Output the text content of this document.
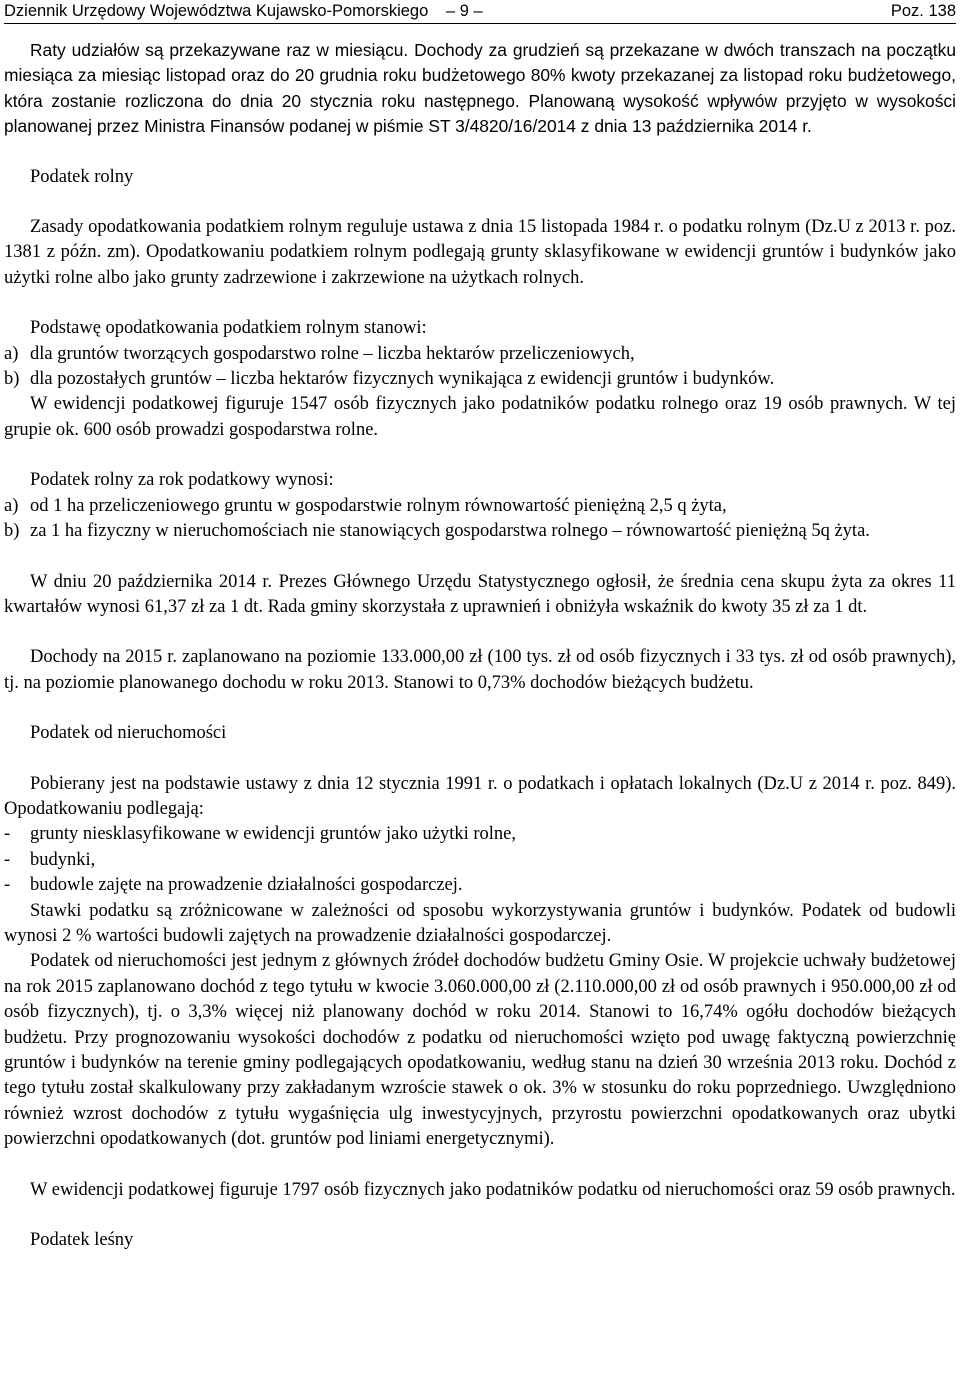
Dziennik Urzędowy Województwa Kujawsko-Pomorskiego – 9 –	Poz. 138

Raty udziałów są przekazywane raz w miesiącu. Dochody za grudzień są przekazane w dwóch transzach na początku miesiąca za miesiąc listopad oraz do 20 grudnia roku budżetowego 80% kwoty przekazanej za listopad roku budżetowego, która zostanie rozliczona do dnia 20 stycznia roku następnego. Planowaną wysokość wpływów przyjęto w wysokości planowanej przez Ministra Finansów podanej w piśmie ST 3/4820/16/2014 z dnia 13 października 2014 r.

Podatek rolny

Zasady opodatkowania podatkiem rolnym reguluje ustawa z dnia 15 listopada 1984 r. o podatku rolnym (Dz.U z 2013 r. poz. 1381 z późn. zm). Opodatkowaniu podatkiem rolnym podlegają grunty sklasyfikowane w ewidencji gruntów i budynków jako użytki rolne albo jako grunty zadrzewione i zakrzewione na użytkach rolnych.

Podstawę opodatkowania podatkiem rolnym stanowi:

a) dla gruntów tworzących gospodarstwo rolne – liczba hektarów przeliczeniowych,
b) dla pozostałych gruntów – liczba hektarów fizycznych wynikająca z ewidencji gruntów i budynków.

W ewidencji podatkowej figuruje 1547 osób fizycznych jako podatników podatku rolnego oraz 19 osób prawnych. W tej grupie ok. 600 osób prowadzi gospodarstwa rolne.

Podatek rolny za rok podatkowy wynosi:

a) od 1 ha przeliczeniowego gruntu w gospodarstwie rolnym równowartość pieniężną 2,5 q żyta,
b) za 1 ha fizyczny w nieruchomościach nie stanowiących gospodarstwa rolnego – równowartość pieniężną 5q żyta.

W dniu 20 października 2014 r. Prezes Głównego Urzędu Statystycznego ogłosił, że średnia cena skupu żyta za okres 11 kwartałów wynosi 61,37 zł za 1 dt. Rada gminy skorzystała z uprawnień i obniżyła wskaźnik do kwoty 35 zł za 1 dt.

Dochody na 2015 r. zaplanowano na poziomie 133.000,00 zł (100 tys. zł od osób fizycznych i 33 tys. zł od osób prawnych), tj. na poziomie planowanego dochodu w roku 2013. Stanowi to 0,73% dochodów bieżących budżetu.

Podatek od nieruchomości

Pobierany jest na podstawie ustawy z dnia 12 stycznia 1991 r. o podatkach i opłatach lokalnych (Dz.U z 2014 r. poz. 849). Opodatkowaniu podlegają:

-	grunty niesklasyfikowane w ewidencji gruntów jako użytki rolne,
-	budynki,
-	budowle zajęte na prowadzenie działalności gospodarczej.

Stawki podatku są zróżnicowane w zależności od sposobu wykorzystywania gruntów i budynków. Podatek od budowli wynosi 2 % wartości budowli zajętych na prowadzenie działalności gospodarczej.

Podatek od nieruchomości jest jednym z głównych źródeł dochodów budżetu Gminy Osie. W projekcie uchwały budżetowej na rok 2015 zaplanowano dochód z tego tytułu w kwocie 3.060.000,00 zł (2.110.000,00 zł od osób prawnych i 950.000,00 zł od osób fizycznych), tj. o 3,3% więcej niż planowany dochód w roku 2014. Stanowi to 16,74% ogółu dochodów bieżących budżetu. Przy prognozowaniu wysokości dochodów z podatku od nieruchomości wzięto pod uwagę faktyczną powierzchnię gruntów i budynków na terenie gminy podlegających opodatkowaniu, według stanu na dzień 30 września 2013 roku. Dochód z tego tytułu został skalkulowany przy zakładanym wzroście stawek o ok. 3% w stosunku do roku poprzedniego. Uwzględniono również wzrost dochodów z tytułu wygaśnięcia ulg inwestycyjnych, przyrostu powierzchni opodatkowanych oraz ubytki powierzchni opodatkowanych (dot. gruntów pod liniami energetycznymi).

W ewidencji podatkowej figuruje 1797 osób fizycznych jako podatników podatku od nieruchomości oraz 59 osób prawnych.

Podatek leśny
